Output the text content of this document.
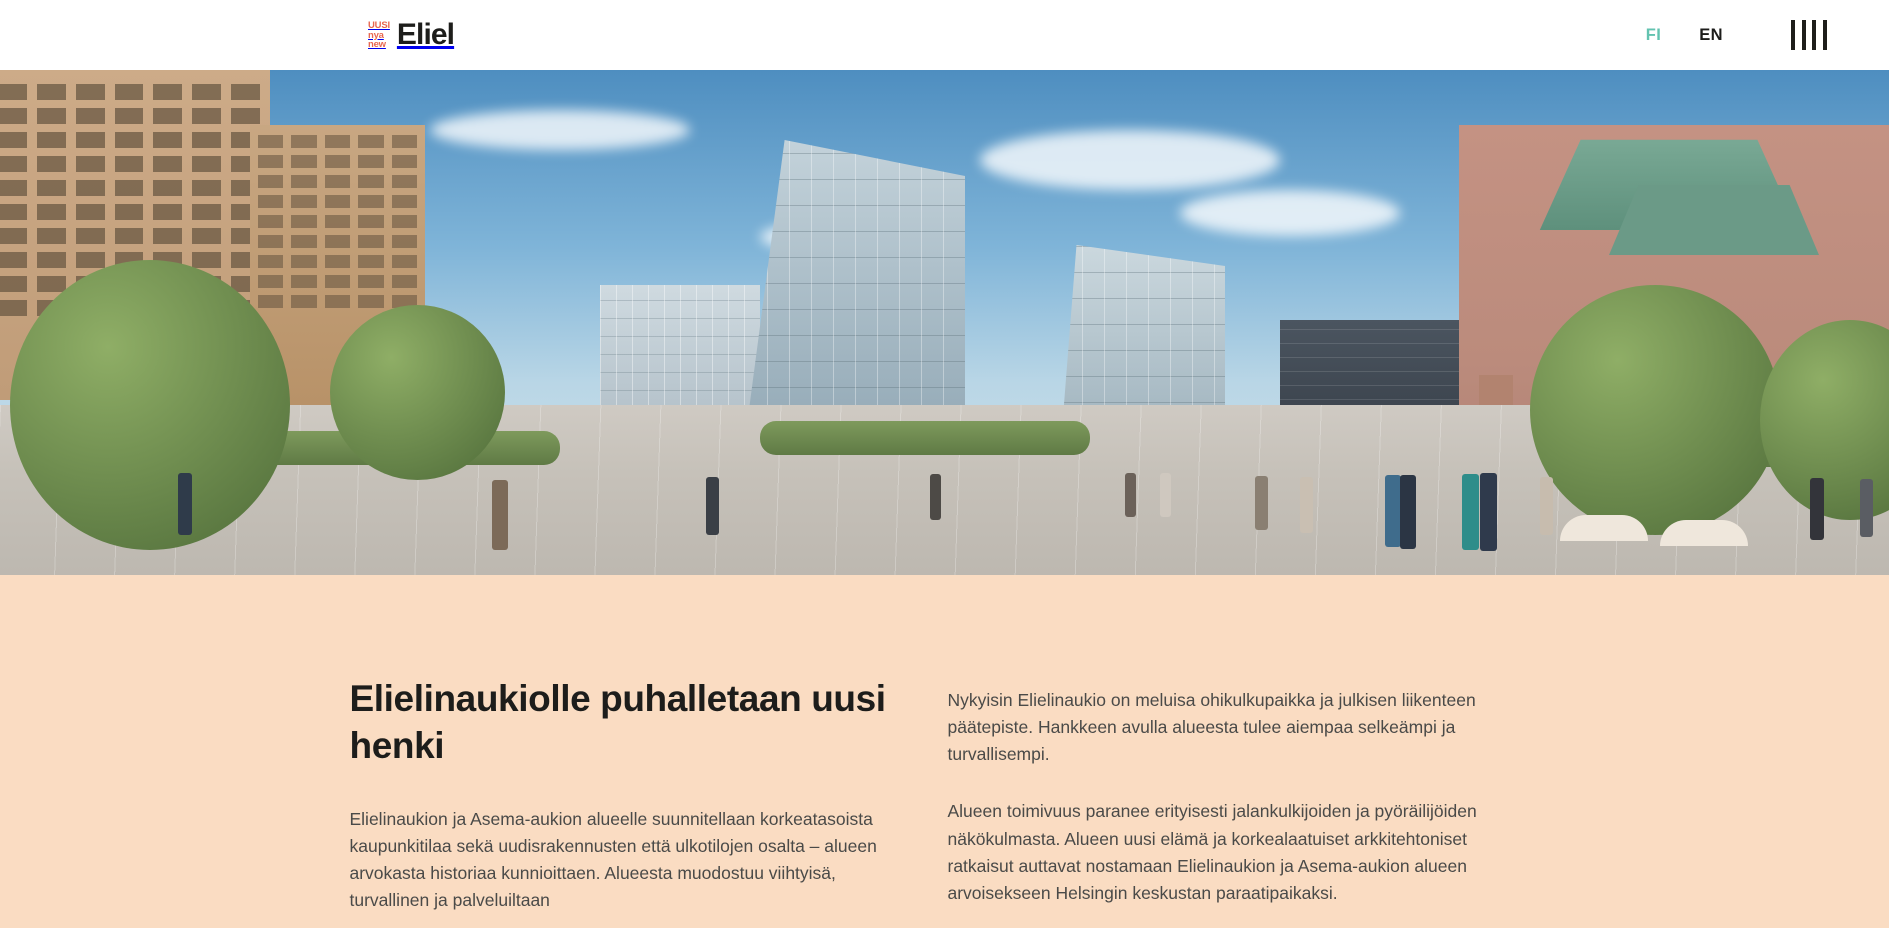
UUSI
nya
new Eliel	FI	EN
Elielinaukiolle puhalletaan uusi henki

Elielinaukion ja Asema-aukion alueelle suunnitellaan korkeatasoista kaupunkitilaa sekä uudisrakennusten että ulkotilojen osalta – alueen arvokasta historiaa kunnioittaen. Alueesta muodostuu viihtyisä, turvallinen ja palveluiltaan

Nykyisin Elielinaukio on meluisa ohikulkupaikka ja julkisen liikenteen päätepiste. Hankkeen avulla alueesta tulee aiempaa selkeämpi ja turvallisempi.

Alueen toimivuus paranee erityisesti jalankulkijoiden ja pyöräilijöiden näkökulmasta. Alueen uusi elämä ja korkealaatuiset arkkitehtoniset ratkaisut auttavat nostamaan Elielinaukion ja Asema-aukion alueen arvoisekseen Helsingin keskustan paraatipaikaksi.
